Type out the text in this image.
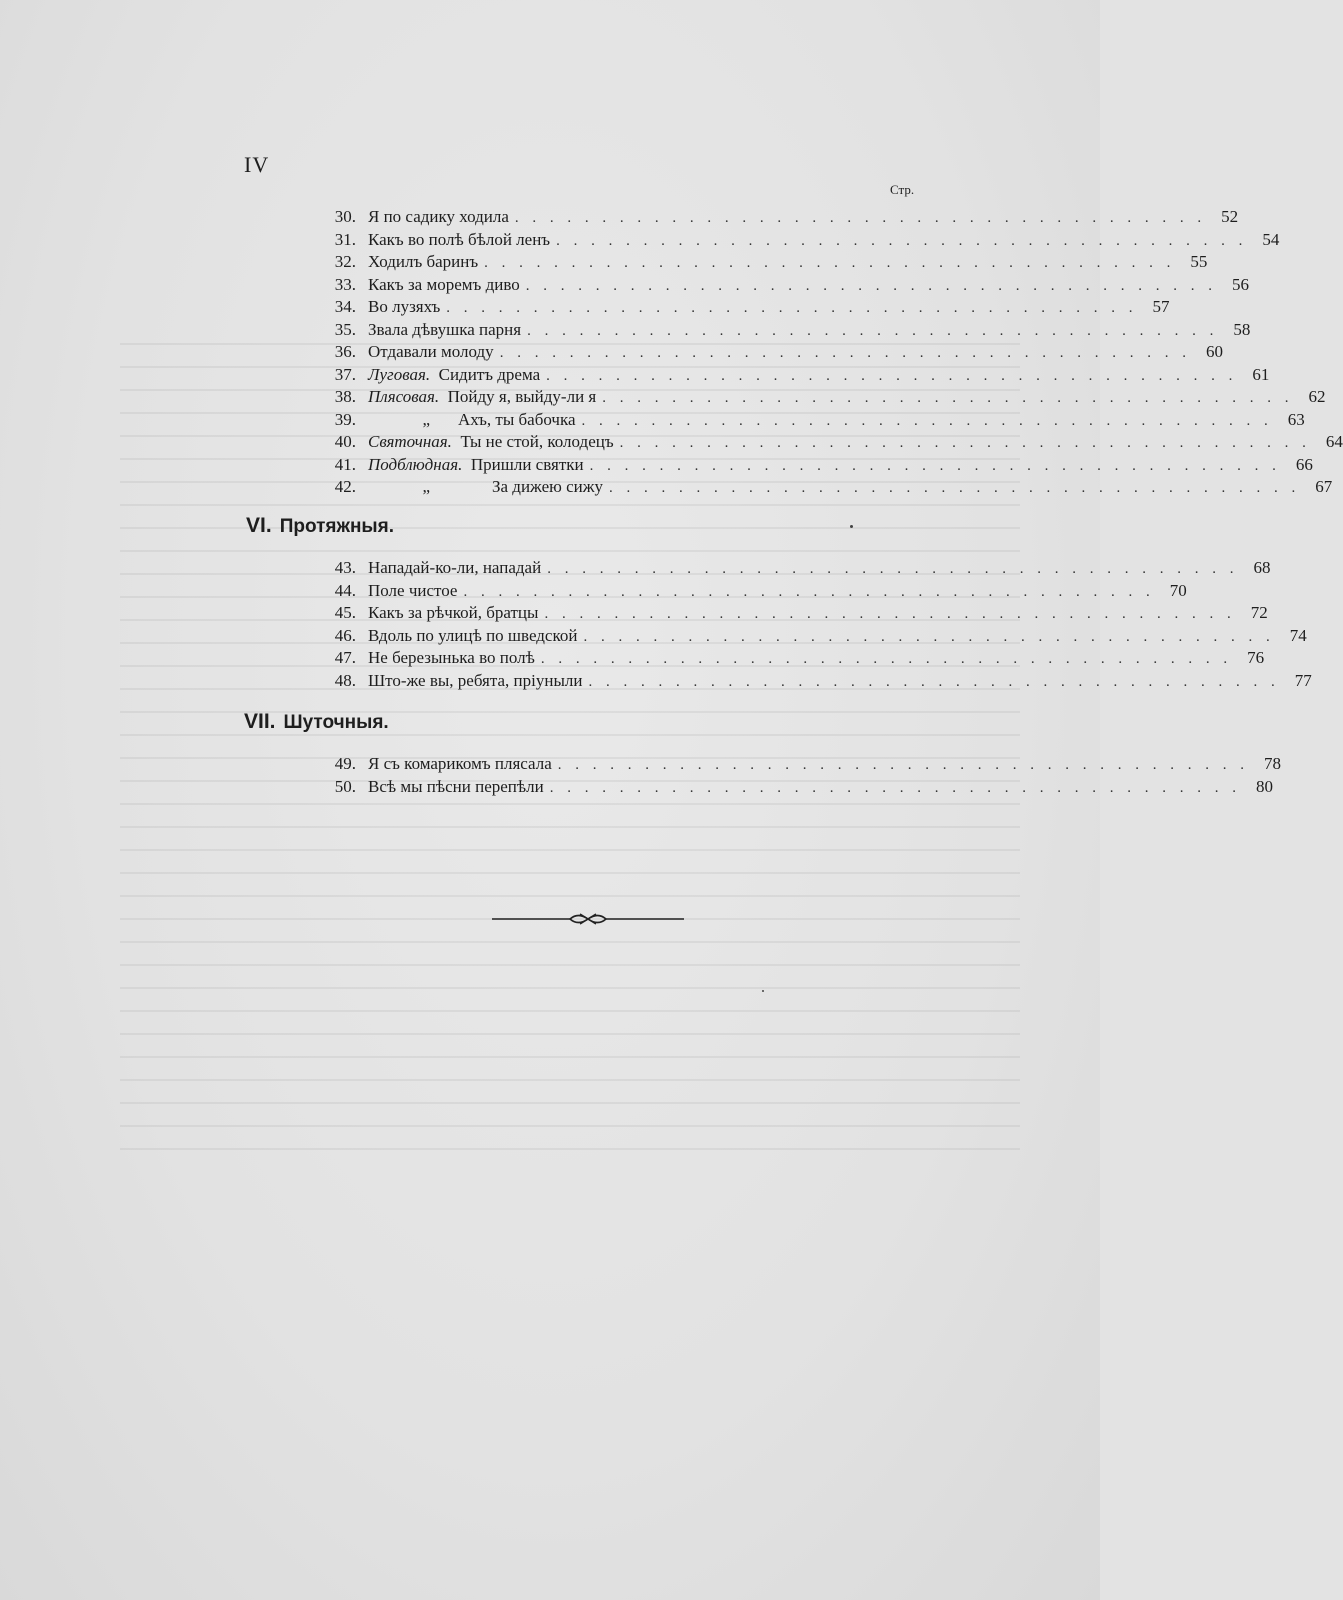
IV
Стр.
30. Я по садику ходила . . . . . . . . . . . . . . . . . . . . . . . . . . . . . . . . . . . . . . . . 52
31. Какъ во полѣ бѣлой ленъ . . . . . . . . . . . . . . . . . . . . . . . . . . . . . . . . . . . . . . . . 54
32. Ходилъ баринъ . . . . . . . . . . . . . . . . . . . . . . . . . . . . . . . . . . . . . . . . 55
33. Какъ за моремъ диво . . . . . . . . . . . . . . . . . . . . . . . . . . . . . . . . . . . . . . . . 56
34. Во лузяхъ . . . . . . . . . . . . . . . . . . . . . . . . . . . . . . . . . . . . . . . . 57
35. Звала дѣвушка парня . . . . . . . . . . . . . . . . . . . . . . . . . . . . . . . . . . . . . . . . 58
36. Отдавали молоду . . . . . . . . . . . . . . . . . . . . . . . . . . . . . . . . . . . . . . . . 60
37. Луговая. Сидитъ дрема . . . . . . . . . . . . . . . . . . . . . . . . . . . . . . . . . . . . . . . . 61
38. Плясовая. Пойду я, выйду-ли я . . . . . . . . . . . . . . . . . . . . . . . . . . . . . . . . . . . . . . . . 62
39.	„ Ахъ, ты бабочка . . . . . . . . . . . . . . . . . . . . . . . . . . . . . . . . . . . . . . . . 63
40. Святочная. Ты не стой, колодецъ . . . . . . . . . . . . . . . . . . . . . . . . . . . . . . . . . . . . . . . . 64
41. Подблюдная. Пришли святки . . . . . . . . . . . . . . . . . . . . . . . . . . . . . . . . . . . . . . . . 66
42.	„	За дижею сижу . . . . . . . . . . . . . . . . . . . . . . . . . . . . . . . . . . . . . . . . 67
VI. Протяжныя.
43. Нападай-ко-ли, нападай . . . . . . . . . . . . . . . . . . . . . . . . . . . . . . . . . . . . . . . . 68
44. Поле чистое . . . . . . . . . . . . . . . . . . . . . . . . . . . . . . . . . . . . . . . . 70
45. Какъ за рѣчкой, братцы . . . . . . . . . . . . . . . . . . . . . . . . . . . . . . . . . . . . . . . . 72
46. Вдоль по улицѣ по шведской . . . . . . . . . . . . . . . . . . . . . . . . . . . . . . . . . . . . . . . . 74
47. Не березынька во полѣ . . . . . . . . . . . . . . . . . . . . . . . . . . . . . . . . . . . . . . . . 76
48. Што-же вы, ребята, пріуныли . . . . . . . . . . . . . . . . . . . . . . . . . . . . . . . . . . . . . . . . 77
VII. Шуточныя.
49. Я съ комарикомъ плясала . . . . . . . . . . . . . . . . . . . . . . . . . . . . . . . . . . . . . . . . 78
50. Всѣ мы пѣсни перепѣли . . . . . . . . . . . . . . . . . . . . . . . . . . . . . . . . . . . . . . . . 80
